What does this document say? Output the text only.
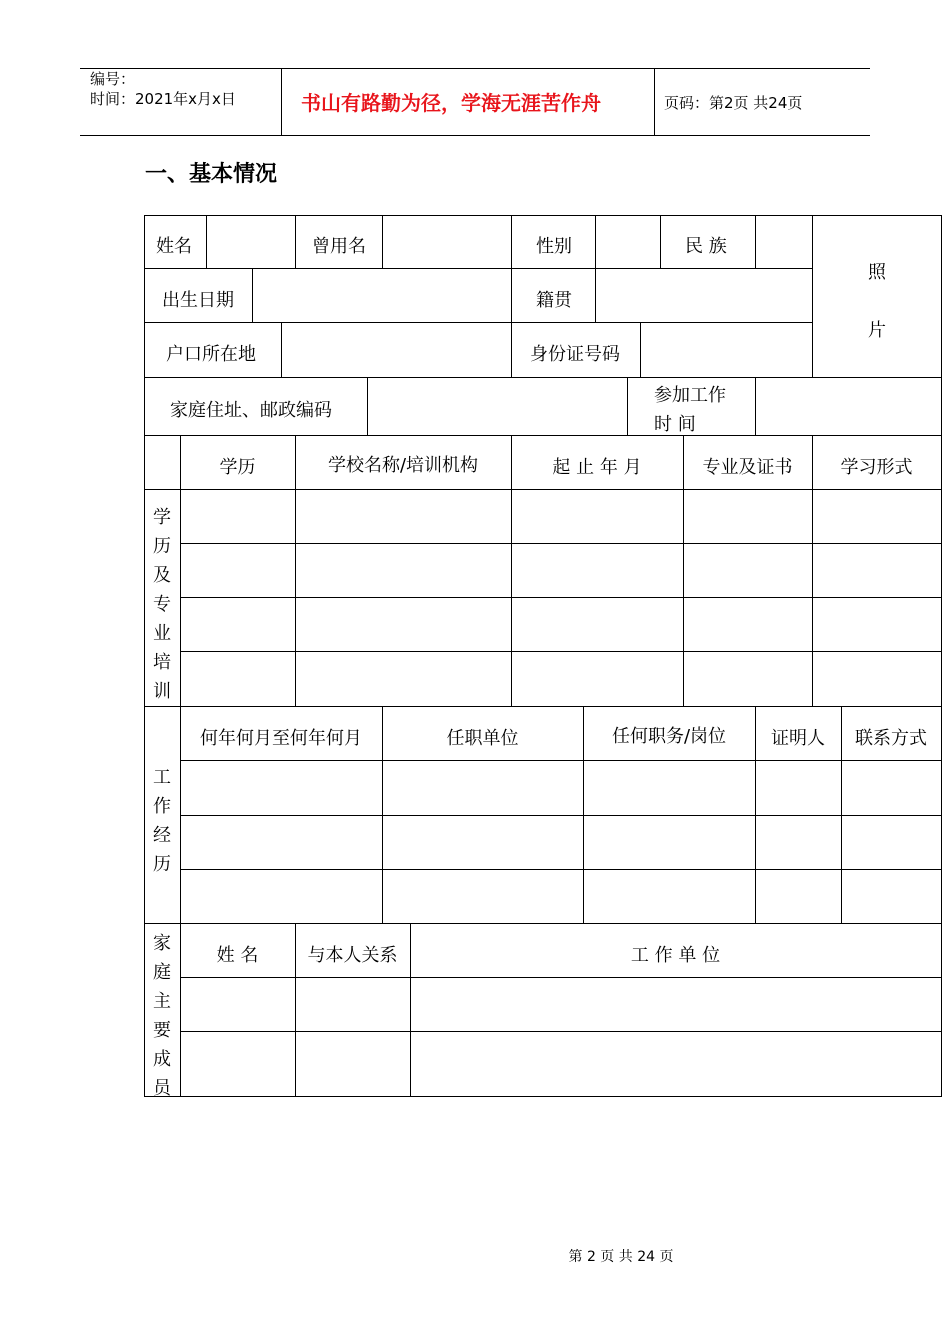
编号：
时间：2021年x月x日	书山有路勤为径，学海无涯苦作舟	页码：第2页 共24页
一、基本情况
姓名	曾用名	性别	民 族
照
片
出生日期	籍贯
户口所在地	身份证号码
家庭住址、邮政编码
参加工作
时 间
学历	学校名称/培训机构	起 止 年 月	专业及证书	学习形式
学历及专业培训
何年何月至何年何月	任职单位	任何职务/岗位	证明人	联系方式
工作经历
姓 名	与本人关系	工 作 单 位
家庭主要成员
第 2 页 共 24 页
